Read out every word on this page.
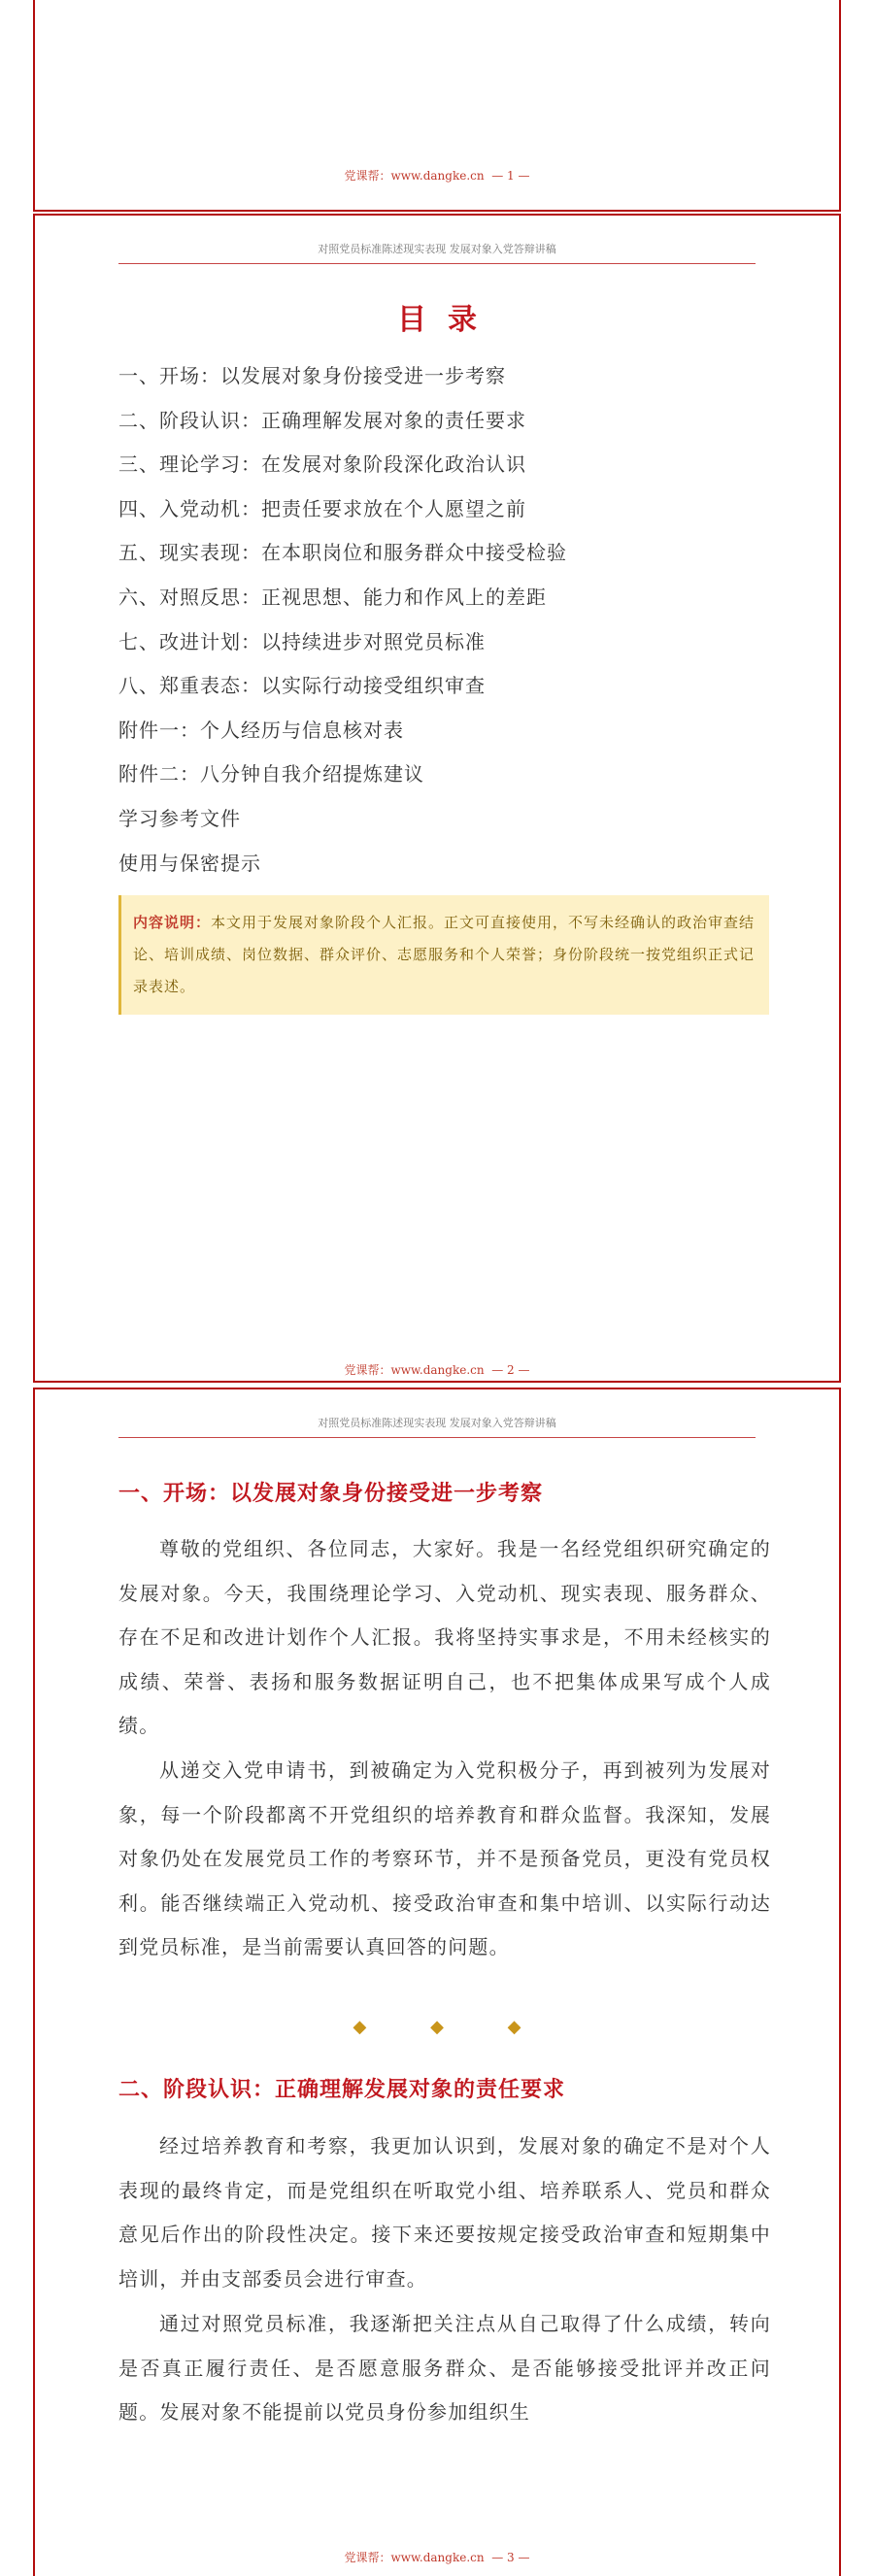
党课帮：www.dangke.cn — 1 —
对照党员标准陈述现实表现 发展对象入党答辩讲稿
目录
一、开场：以发展对象身份接受进一步考察
二、阶段认识：正确理解发展对象的责任要求
三、理论学习：在发展对象阶段深化政治认识
四、入党动机：把责任要求放在个人愿望之前
五、现实表现：在本职岗位和服务群众中接受检验
六、对照反思：正视思想、能力和作风上的差距
七、改进计划：以持续进步对照党员标准
八、郑重表态：以实际行动接受组织审查
附件一：个人经历与信息核对表
附件二：八分钟自我介绍提炼建议
学习参考文件
使用与保密提示
内容说明：本文用于发展对象阶段个人汇报。正文可直接使用，不写未经确认的政治审查结论、培训成绩、岗位数据、群众评价、志愿服务和个人荣誉；身份阶段统一按党组织正式记录表述。
党课帮：www.dangke.cn — 2 —
对照党员标准陈述现实表现 发展对象入党答辩讲稿
一、开场：以发展对象身份接受进一步考察

尊敬的党组织、各位同志，大家好。我是一名经党组织研究确定的发展对象。今天，我围绕理论学习、入党动机、现实表现、服务群众、存在不足和改进计划作个人汇报。我将坚持实事求是，不用未经核实的成绩、荣誉、表扬和服务数据证明自己，也不把集体成果写成个人成绩。

从递交入党申请书，到被确定为入党积极分子，再到被列为发展对象，每一个阶段都离不开党组织的培养教育和群众监督。我深知，发展对象仍处在发展党员工作的考察环节，并不是预备党员，更没有党员权利。能否继续端正入党动机、接受政治审查和集中培训、以实际行动达到党员标准，是当前需要认真回答的问题。

◆ ◆ ◆
二、阶段认识：正确理解发展对象的责任要求

经过培养教育和考察，我更加认识到，发展对象的确定不是对个人表现的最终肯定，而是党组织在听取党小组、培养联系人、党员和群众意见后作出的阶段性决定。接下来还要按规定接受政治审查和短期集中培训，并由支部委员会进行审查。

通过对照党员标准，我逐渐把关注点从自己取得了什么成绩，转向是否真正履行责任、是否愿意服务群众、是否能够接受批评并改正问题。发展对象不能提前以党员身份参加组织生

党课帮：www.dangke.cn — 3 —
